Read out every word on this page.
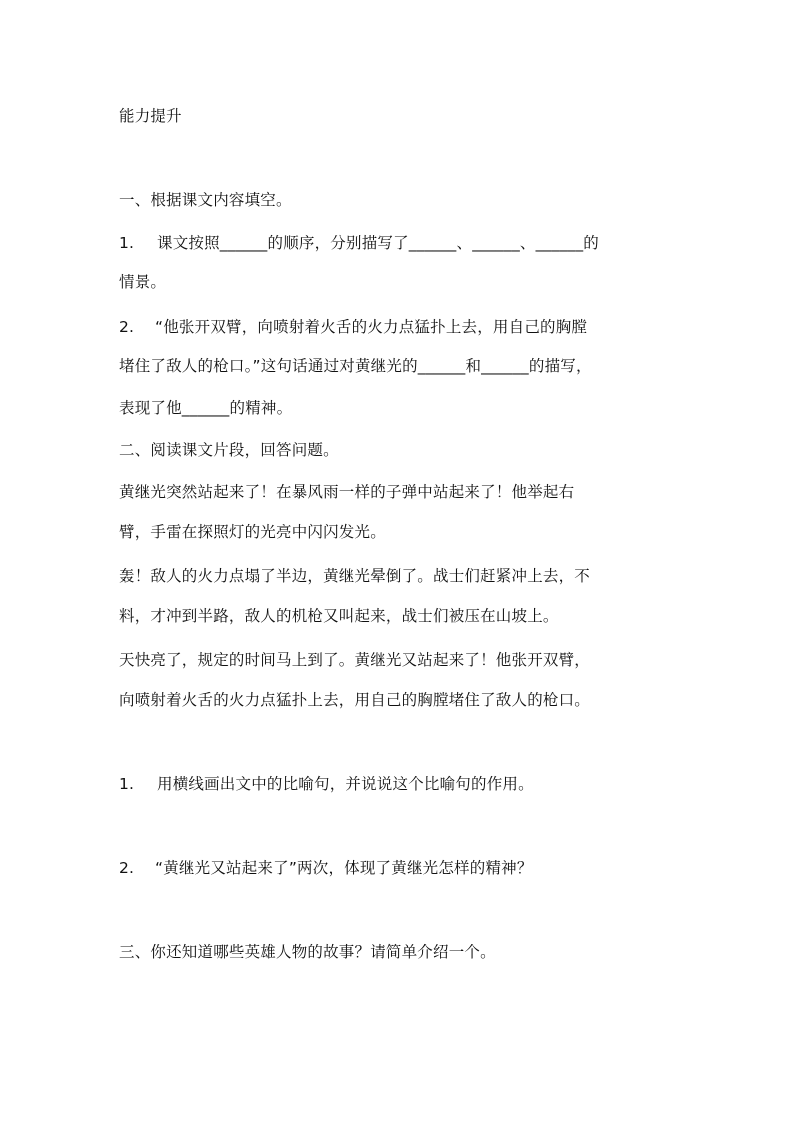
能力提升
一、根据课文内容填空。
1. 课文按照______的顺序，分别描写了______、______、______的
情景。
2. “他张开双臂，向喷射着火舌的火力点猛扑上去，用自己的胸膛
堵住了敌人的枪口。”这句话通过对黄继光的______和______的描写，
表现了他______的精神。
二、阅读课文片段，回答问题。
黄继光突然站起来了！在暴风雨一样的子弹中站起来了！他举起右
臂，手雷在探照灯的光亮中闪闪发光。
轰！敌人的火力点塌了半边，黄继光晕倒了。战士们赶紧冲上去，不
料，才冲到半路，敌人的机枪又叫起来，战士们被压在山坡上。
天快亮了，规定的时间马上到了。黄继光又站起来了！他张开双臂，
向喷射着火舌的火力点猛扑上去，用自己的胸膛堵住了敌人的枪口。
1. 用横线画出文中的比喻句，并说说这个比喻句的作用。
2. “黄继光又站起来了”两次，体现了黄继光怎样的精神？
三、你还知道哪些英雄人物的故事？请简单介绍一个。
